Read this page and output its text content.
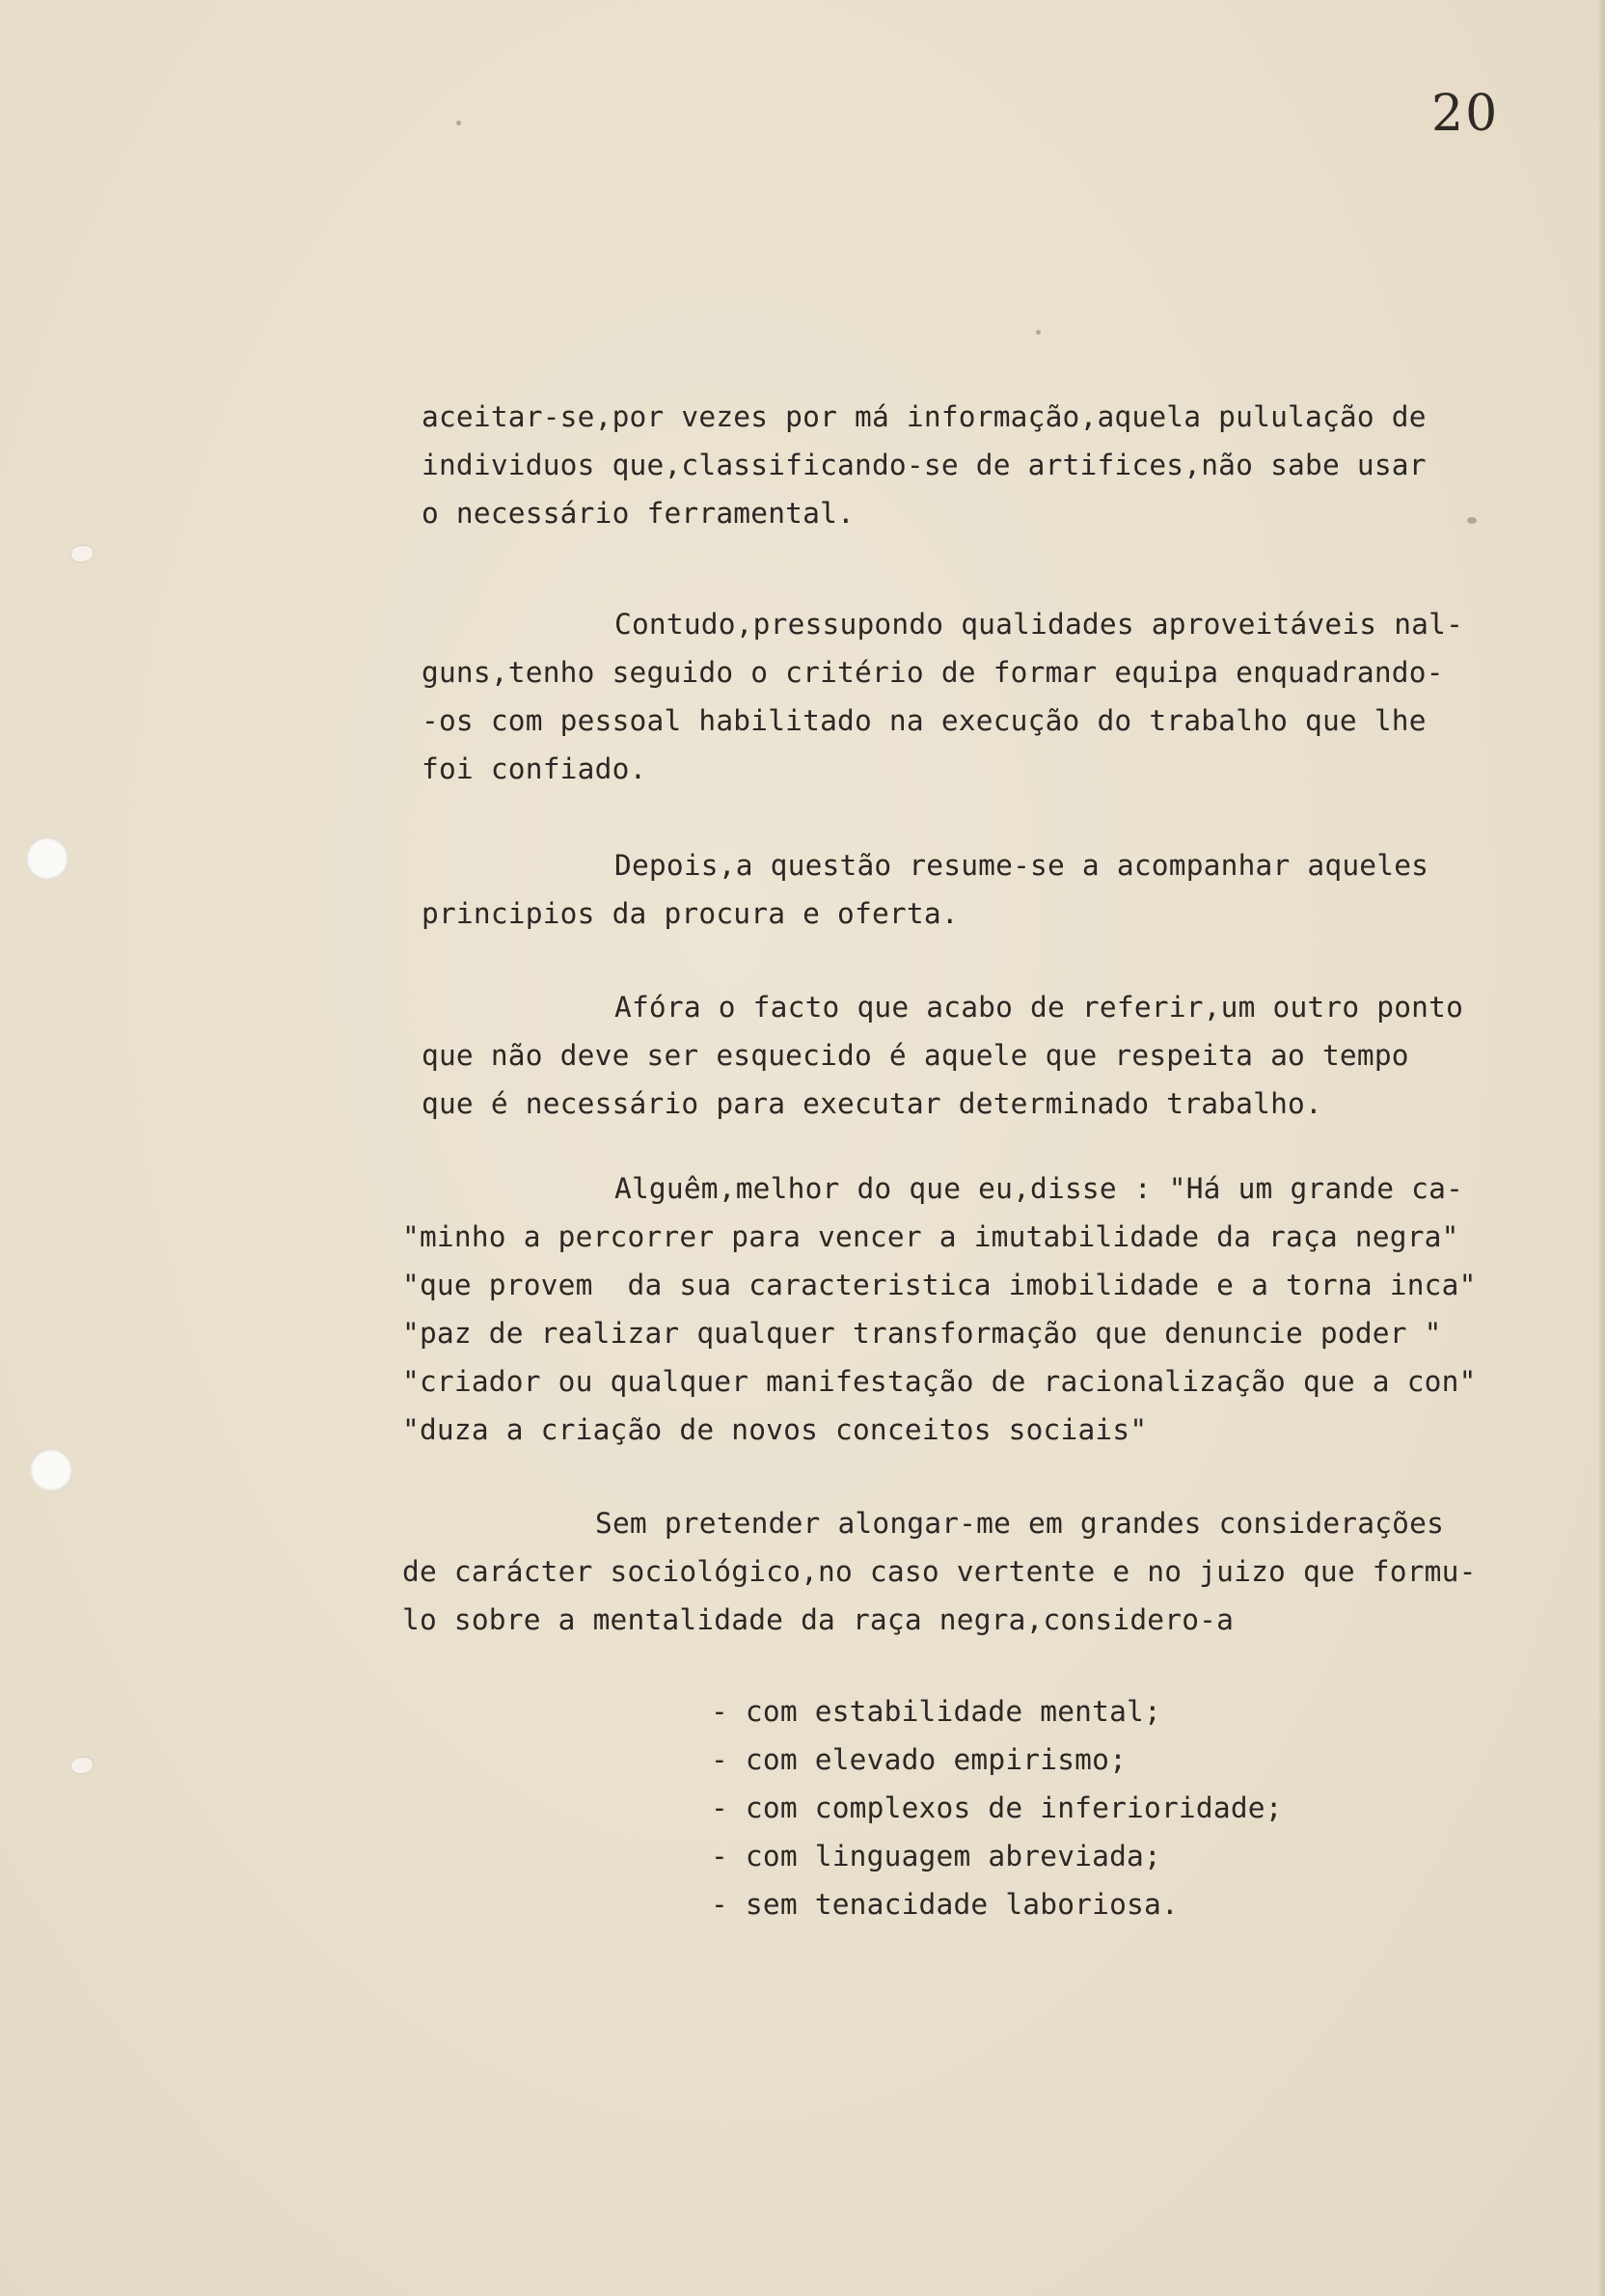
20

aceitar-se,por vezes por má informação,aquela pululação de

individuos que,classificando-se de artifices,não sabe usar

o necessário ferramental.

Contudo,pressupondo qualidades aproveitáveis nal-

guns,tenho seguido o critério de formar equipa enquadrando-

-os com pessoal habilitado na execução do trabalho que lhe

foi confiado.

Depois,a questão resume-se a acompanhar aqueles

principios da procura e oferta.

Afóra o facto que acabo de referir,um outro ponto

que não deve ser esquecido é aquele que respeita ao tempo

que é necessário para executar determinado trabalho.

Alguêm,melhor do que eu,disse : "Há um grande ca-

"minho a percorrer para vencer a imutabilidade da raça negra"

"que provem  da sua caracteristica imobilidade e a torna inca"

"paz de realizar qualquer transformação que denuncie poder "

"criador ou qualquer manifestação de racionalização que a con"

"duza a criação de novos conceitos sociais"

Sem pretender alongar-me em grandes considerações

de carácter sociológico,no caso vertente e no juizo que formu-

lo sobre a mentalidade da raça negra,considero-a

- com estabilidade mental;

- com elevado empirismo;

- com complexos de inferioridade;

- com linguagem abreviada;

- sem tenacidade laboriosa.
